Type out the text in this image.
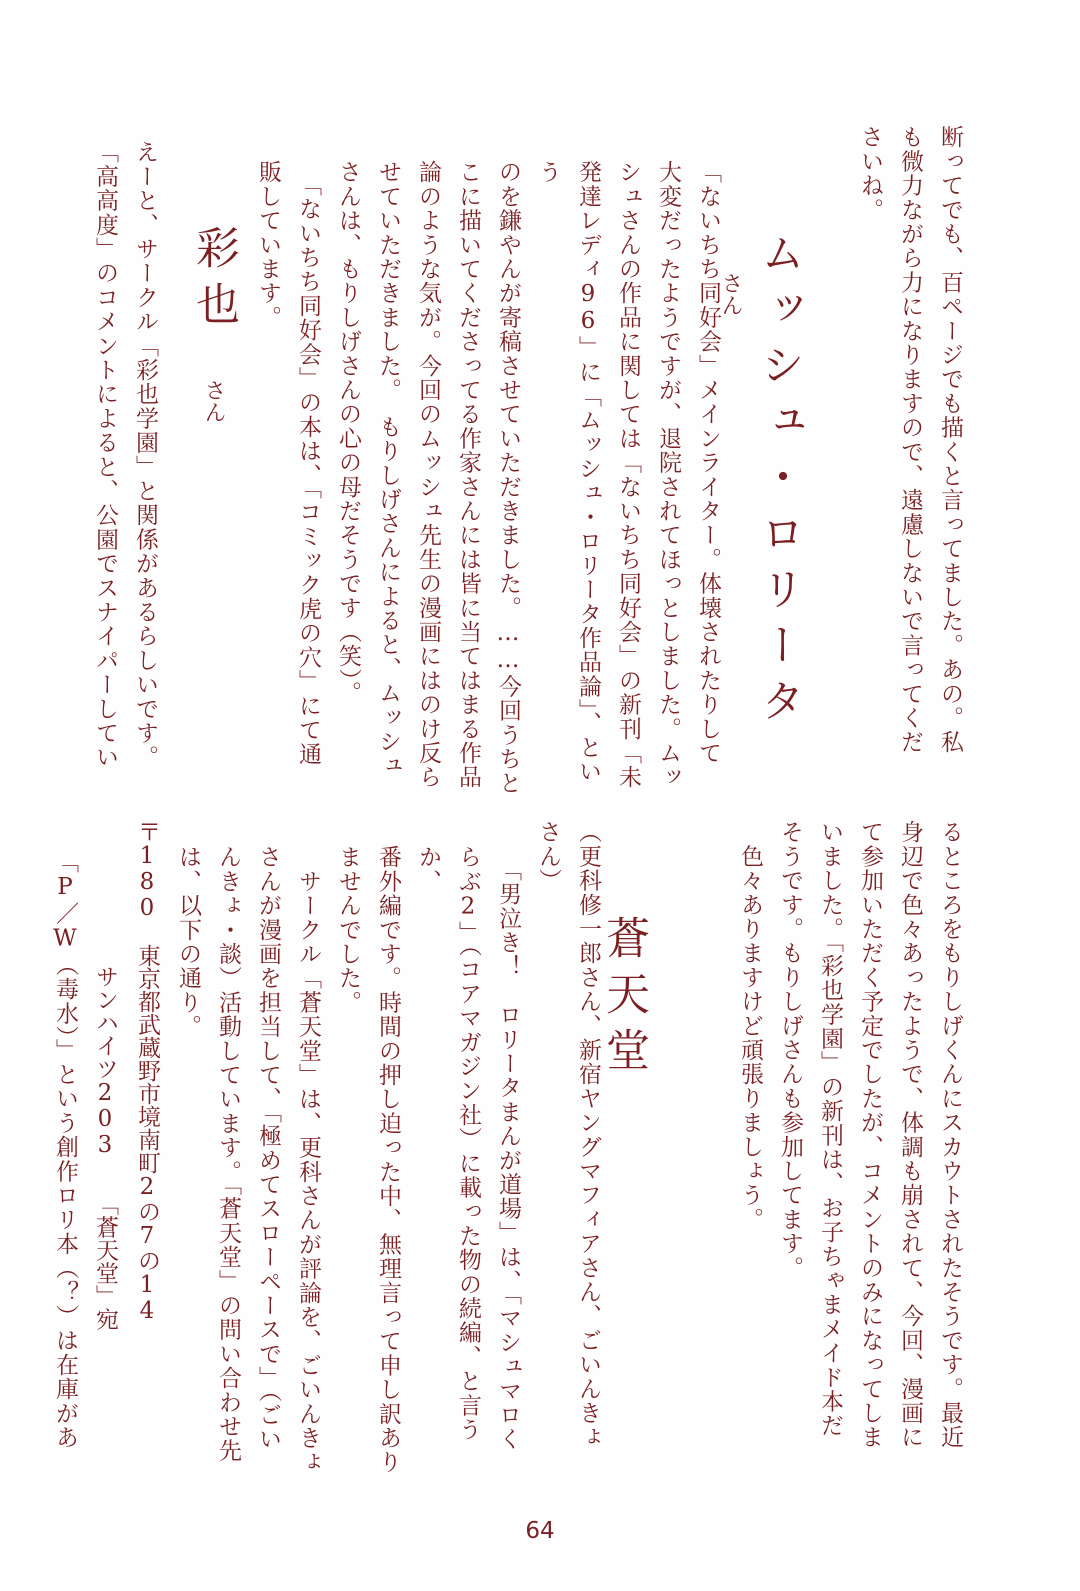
断ってでも、百ページでも描くと言ってました。あの。私
も微力ながら力になりますので、遠慮しないで言ってくだ
さいね。

ムッシュ・ロリータさん

「ないちち同好会」メインライター。体壊されたりして
大変だったようですが、退院されてほっとしました。ムッ
シュさんの作品に関しては「ないちち同好会」の新刊「未
発達レディ96」に「ムッシュ・ロリータ作品論」、という
のを鎌やんが寄稿させていただきました。……今回うちと
こに描いてくださってる作家さんには皆に当てはまる作品
論のような気が。今回のムッシュ先生の漫画にはのけ反ら
せていただきました。　もりしげさんによると、ムッシュ
さんは、もりしげさんの心の母だそうです（笑）。
　「ないちち同好会」の本は、「コミック虎の穴」にて通
販しています。

彩也さん

えーと、サークル「彩也学園」と関係があるらしいです。
「高高度」のコメントによると、公園でスナイパーしてい

るところをもりしげくんにスカウトされたそうです。最近
身辺で色々あったようで、体調も崩されて、今回、漫画に
て参加いただく予定でしたが、コメントのみになってしま
いました。「彩也学園」の新刊は、お子ちゃまメイド本だ
そうです。もりしげさんも参加してます。
　色々ありますけど頑張りましょう。

蒼天堂

（更科修一郎さん、新宿ヤングマフィアさん、ごいんきょ
さん）

　「男泣き！　ロリータまんが道場」は、「マシュマロく
らぶ2」（コアマガジン社）に載った物の続編、と言うか、
番外編です。時間の押し迫った中、無理言って申し訳あり
ませんでした。
　サークル「蒼天堂」は、更科さんが評論を、ごいんきょ
さんが漫画を担当して、「極めてスローペースで」（ごい
んきょ・談）活動しています。「蒼天堂」の問い合わせ先
は、以下の通り。

〒180　東京都武蔵野市境南町2の7の14

サンハイツ203　　「蒼天堂」宛

「P／W（毒水）」という創作ロリ本（？）は在庫があ

64
